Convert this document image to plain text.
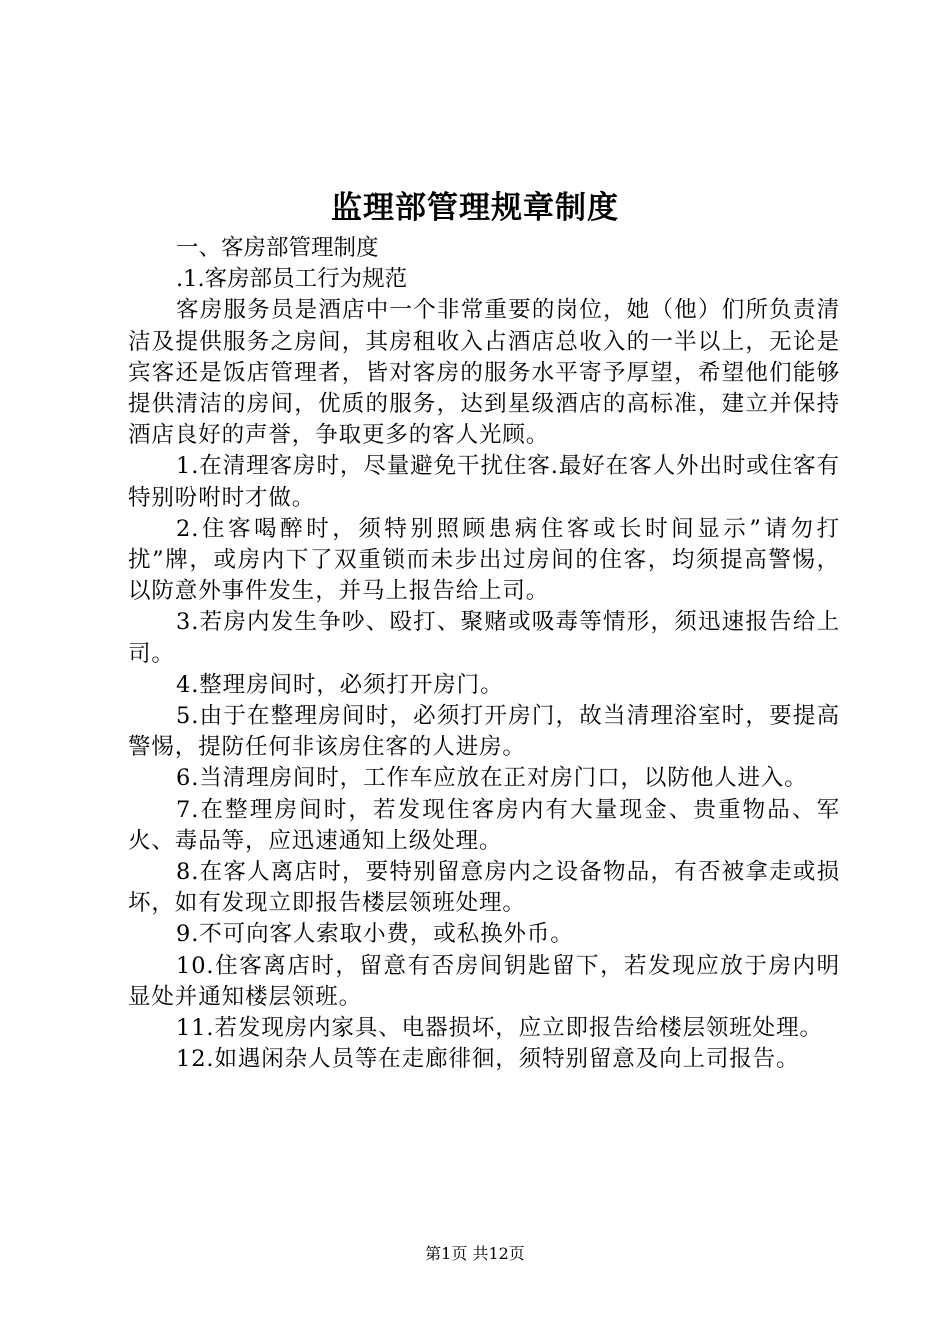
监理部管理规章制度

一、客房部管理制度

.1.客房部员工行为规范

客房服务员是酒店中一个非常重要的岗位，她（他）们所负责清洁及提供服务之房间，其房租收入占酒店总收入的一半以上，无论是宾客还是饭店管理者，皆对客房的服务水平寄予厚望，希望他们能够提供清洁的房间，优质的服务，达到星级酒店的高标准，建立并保持酒店良好的声誉，争取更多的客人光顾。

1.在清理客房时，尽量避免干扰住客.最好在客人外出时或住客有特别吩咐时才做。

2.住客喝醉时，须特别照顾患病住客或长时间显示”请勿打扰”牌，或房内下了双重锁而未步出过房间的住客，均须提高警惕，以防意外事件发生，并马上报告给上司。

3.若房内发生争吵、殴打、聚赌或吸毒等情形，须迅速报告给上司。

4.整理房间时，必须打开房门。

5.由于在整理房间时，必须打开房门，故当清理浴室时，要提高警惕，提防任何非该房住客的人进房。

6.当清理房间时，工作车应放在正对房门口，以防他人进入。

7.在整理房间时，若发现住客房内有大量现金、贵重物品、军火、毒品等，应迅速通知上级处理。

8.在客人离店时，要特别留意房内之设备物品，有否被拿走或损坏，如有发现立即报告楼层领班处理。

9.不可向客人索取小费，或私换外币。

10.住客离店时，留意有否房间钥匙留下，若发现应放于房内明显处并通知楼层领班。

11.若发现房内家具、电器损坏，应立即报告给楼层领班处理。

12.如遇闲杂人员等在走廊徘徊，须特别留意及向上司报告。

第1页 共12页
